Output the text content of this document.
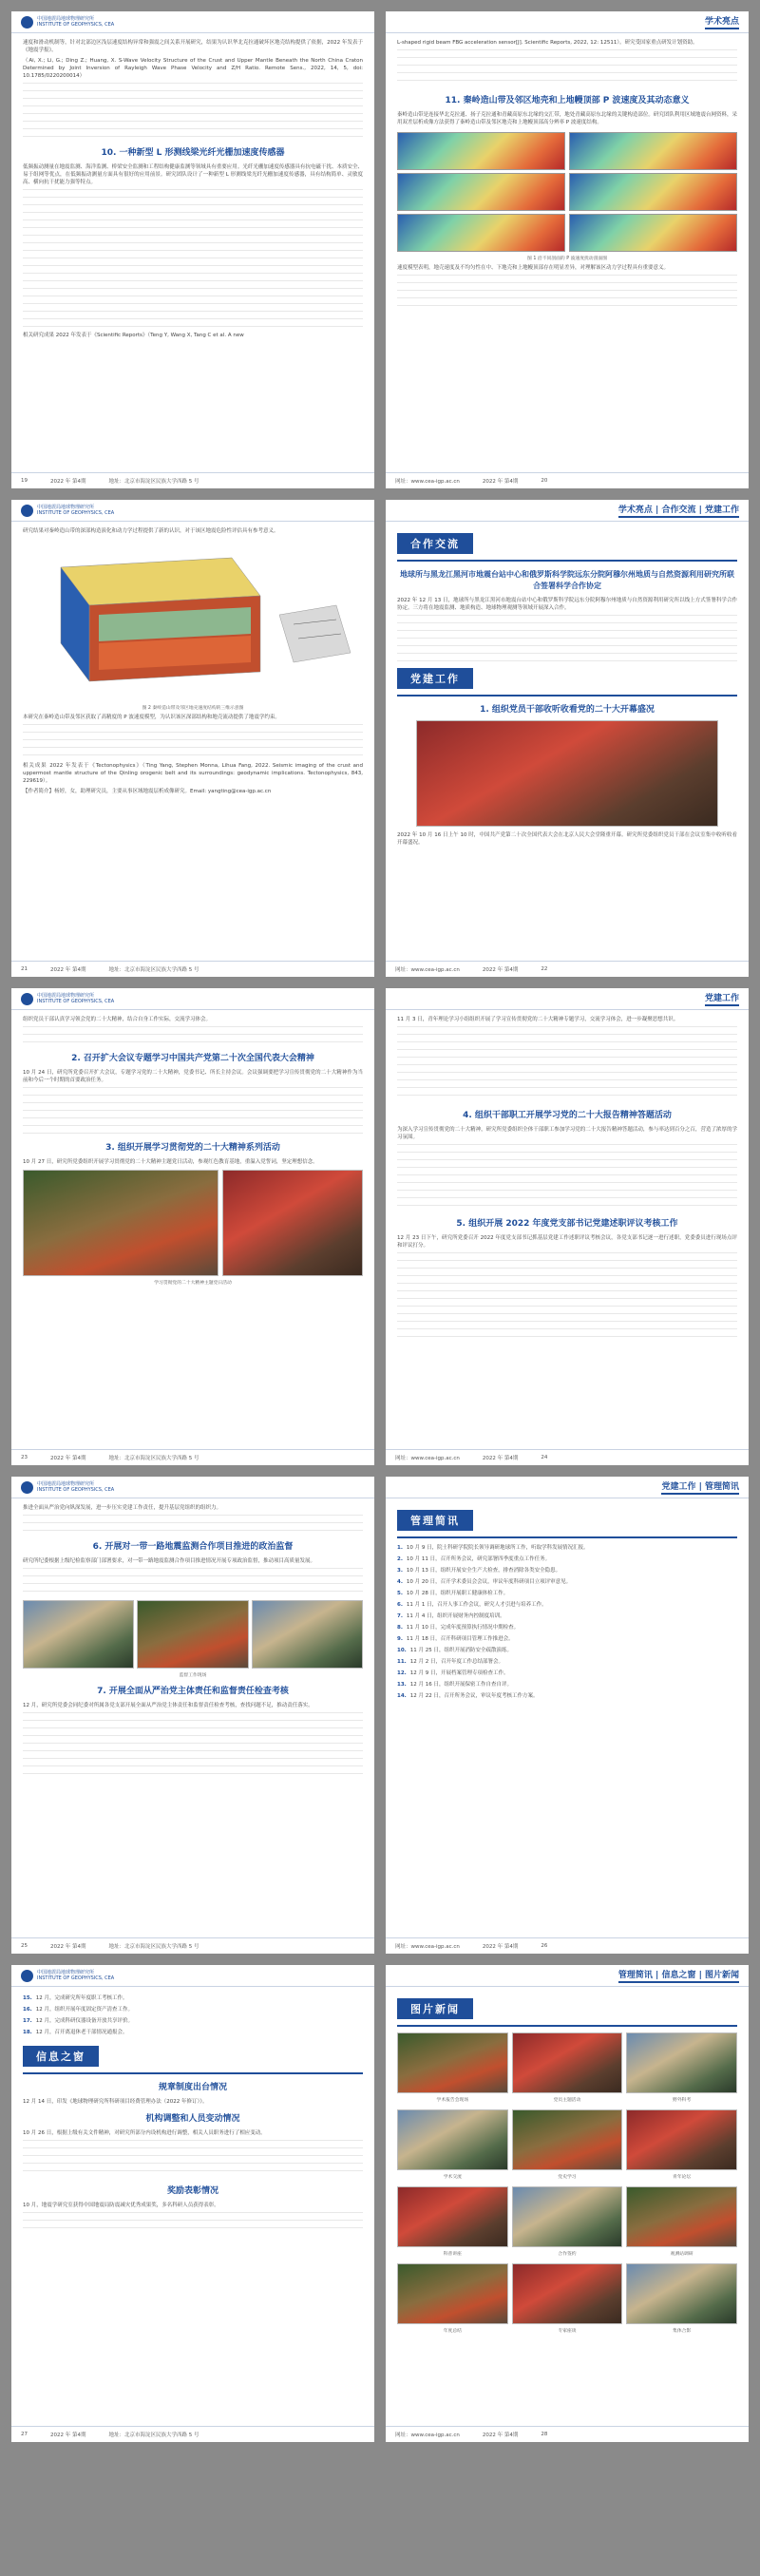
中国地震局地球物理研究所
INSTITUTE OF GEOPHYSICS, CEA

速度和滑动机制等，针对北部边区浅层速度结构异常和强震之间关系开展研究，结果为认识华北克拉通破坏区地壳结构提供了依据，2022 年发表于《地震学报》。

（Ai, X.; Li, G.; Ding Z.; Huang, X. S-Wave Velocity Structure of the Crust and Upper Mantle Beneath the North China Craton Determined by Joint Inversion of Rayleigh Wave Phase Velocity and Z/H Ratio. Remote Sens., 2022, 14, 5, doi: 10.1785/0220200014）

10. 一种新型 L 形测线梁光纤光栅加速度传感器

低频振动测量在地震监测、海洋监测、桥梁安全监测和工程结构健康监测等领域具有重要应用。光纤光栅加速度传感器具有抗电磁干扰、本质安全、易于组网等优点，在低频振动测量方面具有很好的应用前景。研究团队设计了一种新型 L 形测线梁光纤光栅加速度传感器，具有结构简单、灵敏度高、横向抗干扰能力强等特点。

相关研究成果 2022 年发表于《Scientific Reports》（Teng Y, Wang X, Tang C et al. A new

19	2022 年 第4期	地址：北京市海淀区民族大学西路 5 号
学术亮点

L-shaped rigid beam FBG acceleration sensor[J]. Scientific Reports, 2022, 12: 12511）。研究受国家重点研发计划资助。

11. 秦岭造山带及邻区地壳和上地幔顶部 P 波速度及其动态意义

秦岭造山带是连接华北克拉通、扬子克拉通和青藏高原东北缘的交汇带，地处青藏高原东北缘的关键构造部位。研究团队利用区域地震台网资料，采用双差层析成像方法获得了秦岭造山带及邻区地壳和上地幔顶部高分辨率 P 波速度结构。

图 1 沿不同剖面的 P 波速度扰动剖面图

速度模型表明，地壳速度及不均匀性在中、下地壳和上地幔顶部存在明显差异，对理解该区动力学过程具有重要意义。

网址：www.cea-igp.ac.cn	2022 年 第4期	20
中国地震局地球物理研究所
INSTITUTE OF GEOPHYSICS, CEA

研究结果对秦岭造山带的深部构造演化和动力学过程提供了新的认识，对于该区地震危险性评估具有参考意义。

图 2 秦岭造山带及邻区地壳速度结构的三维示意图

本研究在秦岭造山带及邻区获取了高精度的 P 波速度模型，为认识该区深部结构和地壳流动提供了地震学约束。

相关成果 2022 年发表于《Tectonophysics》（Ting Yang, Stephen Monna, Lihua Fang, 2022. Seismic imaging of the crust and uppermost mantle structure of the Qinling orogenic belt and its surroundings: geodynamic implications. Tectonophysics, 843, 229619）。

【作者简介】杨婷，女，助理研究员，主要从事区域地震层析成像研究。Email: yangting@cea-igp.ac.cn

21	2022 年 第4期	地址：北京市海淀区民族大学西路 5 号
学术亮点 | 合作交流 | 党建工作
合作交流
地球所与黑龙江黑河市地震台站中心和俄罗斯科学院远东分院阿穆尔州地质与自然资源利用研究所联合签署科学合作协定

2022 年 12 月 13 日，地球所与黑龙江黑河市地震台站中心和俄罗斯科学院远东分院阿穆尔州地质与自然资源利用研究所以线上方式签署科学合作协定。三方将在地震监测、地质构造、地球物理观测等领域开展深入合作。

党建工作
1. 组织党员干部收听收看党的二十大开幕盛况

2022 年 10 月 16 日上午 10 时，中国共产党第二十次全国代表大会在北京人民大会堂隆重开幕。研究所党委组织党员干部在会议室集中收听收看开幕盛况。

网址：www.cea-igp.ac.cn	2022 年 第4期	22
中国地震局地球物理研究所
INSTITUTE OF GEOPHYSICS, CEA

组织党员干部认真学习领会党的二十大精神，结合自身工作实际，交流学习体会。

2. 召开扩大会议专题学习中国共产党第二十次全国代表大会精神

10 月 24 日，研究所党委召开扩大会议，专题学习党的二十大精神，党委书记、所长主持会议。会议强调要把学习宣传贯彻党的二十大精神作为当前和今后一个时期的首要政治任务。

3. 组织开展学习贯彻党的二十大精神系列活动

10 月 27 日，研究所党委组织开展学习贯彻党的二十大精神主题党日活动，参观红色教育基地，重温入党誓词，坚定理想信念。

学习贯彻党的二十大精神主题党日活动
23	2022 年 第4期	地址：北京市海淀区民族大学西路 5 号
党建工作

11 月 3 日，青年理论学习小组组织开展了学习宣传贯彻党的二十大精神专题学习，交流学习体会，进一步凝聚思想共识。

4. 组织干部职工开展学习党的二十大报告精神答题活动

为深入学习宣传贯彻党的二十大精神，研究所党委组织全体干部职工参加学习党的二十大报告精神答题活动，参与率达到百分之百，营造了浓厚的学习氛围。

5. 组织开展 2022 年度党支部书记党建述职评议考核工作

12 月 23 日下午，研究所党委召开 2022 年度党支部书记抓基层党建工作述职评议考核会议，各党支部书记逐一进行述职，党委委员进行现场点评和评议打分。

网址：www.cea-igp.ac.cn	2022 年 第4期	24
中国地震局地球物理研究所
INSTITUTE OF GEOPHYSICS, CEA

推进全面从严治党向纵深发展，进一步压实党建工作责任，提升基层党组织的组织力。

6. 开展对一带一路地震监测合作项目推进的政治监督

研究所纪委根据上级纪检监察部门部署要求，对一带一路地震监测合作项目推进情况开展专项政治监督，推动项目高质量发展。

监督工作现场
7. 开展全面从严治党主体责任和监督责任检查考核

12 月，研究所党委会同纪委对所属各党支部开展全面从严治党主体责任和监督责任检查考核，查找问题不足，推动责任落实。

25	2022 年 第4期	地址：北京市海淀区民族大学西路 5 号
党建工作 | 管理简讯
管理简讯
1. 10 月 9 日，院士科研学院院长领导调研地球所工作，听取学科发展情况汇报。
2. 10 月 11 日，召开所务会议，研究部署四季度重点工作任务。
3. 10 月 13 日，组织开展安全生产大检查，排查消除各类安全隐患。
4. 10 月 20 日，召开学术委员会会议，审议年度科研项目立项评审意见。
5. 10 月 28 日，组织开展职工健康体检工作。
6. 11 月 1 日，召开人事工作会议，研究人才引进与培养工作。
7. 11 月 4 日，组织开展财务内控制度培训。
8. 11 月 10 日，完成年度预算执行情况中期检查。
9. 11 月 18 日，召开科研项目管理工作推进会。
10. 11 月 25 日，组织开展消防安全疏散演练。
11. 12 月 2 日，召开年度工作总结部署会。
12. 12 月 9 日，开展档案管理专项检查工作。
13. 12 月 16 日，组织开展保密工作自查自评。
14. 12 月 22 日，召开所务会议，审议年度考核工作方案。
网址：www.cea-igp.ac.cn	2022 年 第4期	26
中国地震局地球物理研究所
INSTITUTE OF GEOPHYSICS, CEA
15. 12 月，完成研究所年度职工考核工作。
16. 12 月，组织开展年度固定资产清查工作。
17. 12 月，完成科研仪器设备开放共享评价。
18. 12 月，召开离退休老干部情况通报会。
信息之窗
规章制度出台情况

12 月 14 日，印发《地球物理研究所科研项目经费管理办法（2022 年修订）》。

机构调整和人员变动情况

10 月 26 日，根据上级有关文件精神，对研究所部分内设机构进行调整，相关人员职务进行了相应变动。

奖励表彰情况

10 月，地震学研究室获得中国地震局防震减灾优秀成果奖，多名科研人员获得表彰。

27	2022 年 第4期	地址：北京市海淀区民族大学西路 5 号
管理简讯 | 信息之窗 | 图片新闻
图片新闻
学术报告会现场	党员主题活动	野外科考
学术交流	党史学习	青年论坛
科普讲座	合作签约	观测站调研
年度总结	专家座谈	集体合影
网址：www.cea-igp.ac.cn	2022 年 第4期	28
